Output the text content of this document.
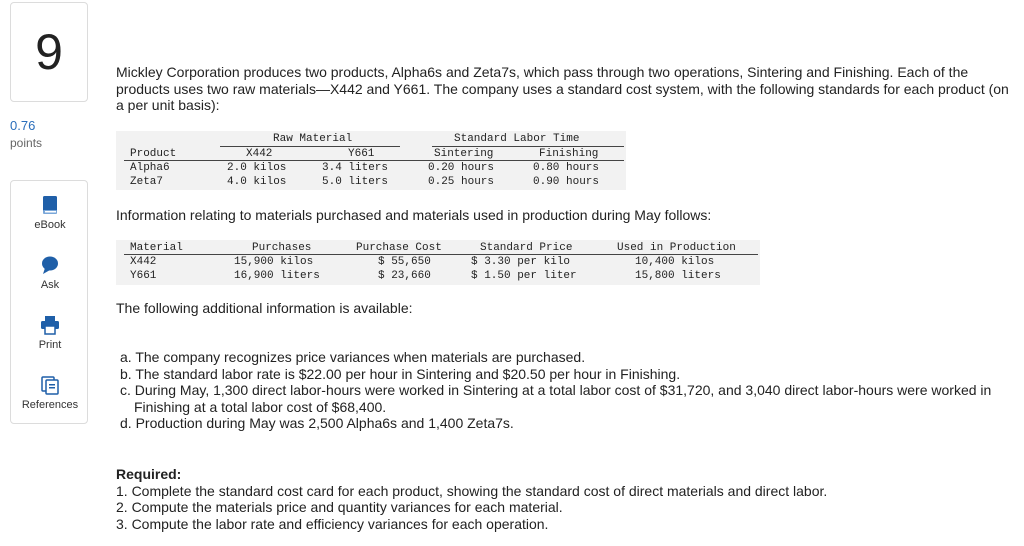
9
0.76
points
eBook
Ask
Print
References
Mickley Corporation produces two products, Alpha6s and Zeta7s, which pass through two operations, Sintering and Finishing. Each of the products uses two raw materials—X442 and Y661. The company uses a standard cost system, with the following standards for each product (on a per unit basis):
Raw Material	Standard Labor Time
Product	X442	Y661	Sintering	Finishing
Alpha6	2.0 kilos	3.4 liters	0.20 hours	0.80 hours
Zeta7	4.0 kilos	5.0 liters	0.25 hours	0.90 hours
Information relating to materials purchased and materials used in production during May follows:
Material	Purchases	Purchase Cost	Standard Price	Used in Production
X442	15,900 kilos	$ 55,650	$ 3.30 per kilo	10,400 kilos
Y661	16,900 liters	$ 23,660	$ 1.50 per liter	15,800 liters
The following additional information is available:
a. The company recognizes price variances when materials are purchased.
b. The standard labor rate is $22.00 per hour in Sintering and $20.50 per hour in Finishing.
c. During May, 1,300 direct labor-hours were worked in Sintering at a total labor cost of $31,720, and 3,040 direct labor-hours were worked in Finishing at a total labor cost of $68,400.
d. Production during May was 2,500 Alpha6s and 1,400 Zeta7s.
Required:
1. Complete the standard cost card for each product, showing the standard cost of direct materials and direct labor.
2. Compute the materials price and quantity variances for each material.
3. Compute the labor rate and efficiency variances for each operation.
